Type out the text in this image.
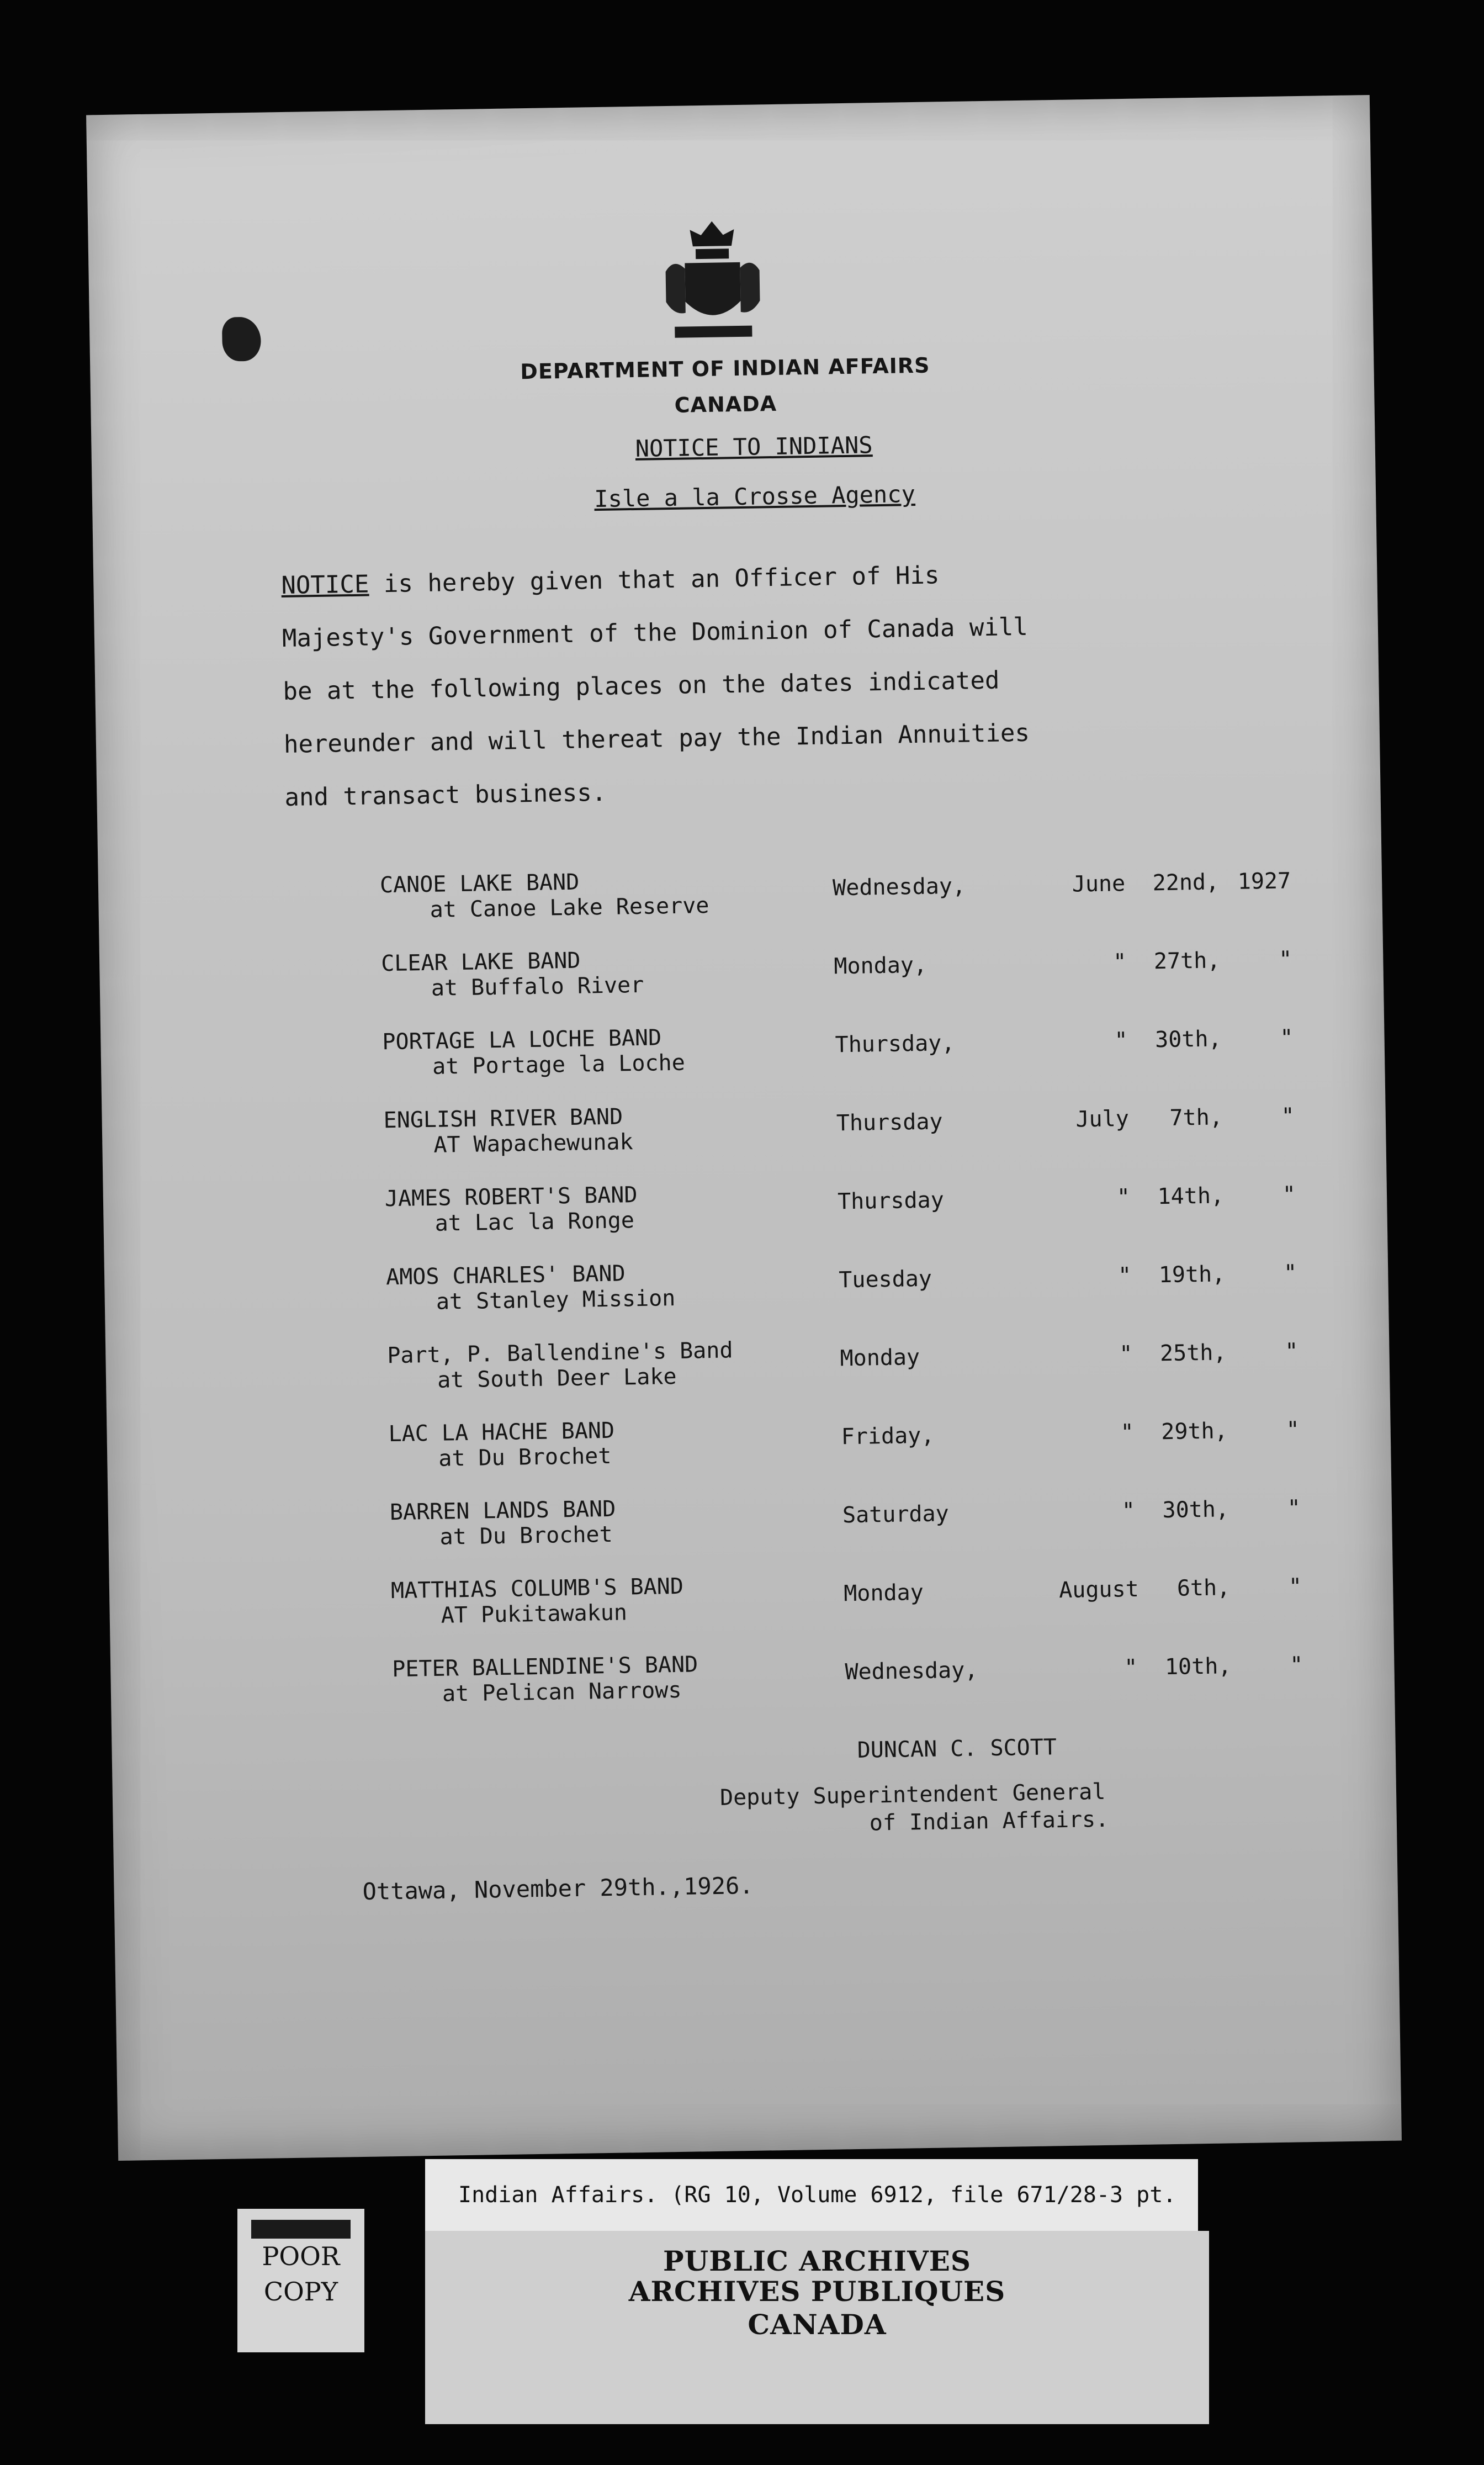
DEPARTMENT OF INDIAN AFFAIRS
CANADA
NOTICE TO INDIANS
Isle a la Crosse Agency
NOTICE is hereby given that an Officer of His
Majesty's Government of the Dominion of Canada will
be at the following places on the dates indicated
hereunder and will thereat pay the Indian Annuities
and transact business.
CANOE LAKE BAND
at Canoe Lake Reserve
Wednesday,	June	22nd, 1927
CLEAR LAKE BAND
at Buffalo River
Monday,	"	27th,	"
PORTAGE LA LOCHE BAND
at Portage la Loche
Thursday,	"	30th,	"
ENGLISH RIVER BAND
AT Wapachewunak
Thursday	July	7th,	"
JAMES ROBERT'S BAND
at Lac la Ronge
Thursday	"	14th,	"
AMOS CHARLES' BAND
at Stanley Mission
Tuesday	"	19th,	"
Part, P. Ballendine's Band
at South Deer Lake
Monday	"	25th,	"
LAC LA HACHE BAND
at Du Brochet
Friday,	"	29th,	"
BARREN LANDS BAND
at Du Brochet
Saturday	"	30th,	"
MATTHIAS COLUMB'S BAND
AT Pukitawakun
Monday	August	6th,	"
PETER BALLENDINE'S BAND
at Pelican Narrows
Wednesday,	"	10th,	"
DUNCAN C. SCOTT
Deputy Superintendent General
of Indian Affairs.
Ottawa, November 29th.,1926.
POOR
COPY
Indian Affairs. (RG 10, Volume 6912, file 671/28-3 pt.
PUBLIC ARCHIVES
ARCHIVES PUBLIQUES
CANADA
